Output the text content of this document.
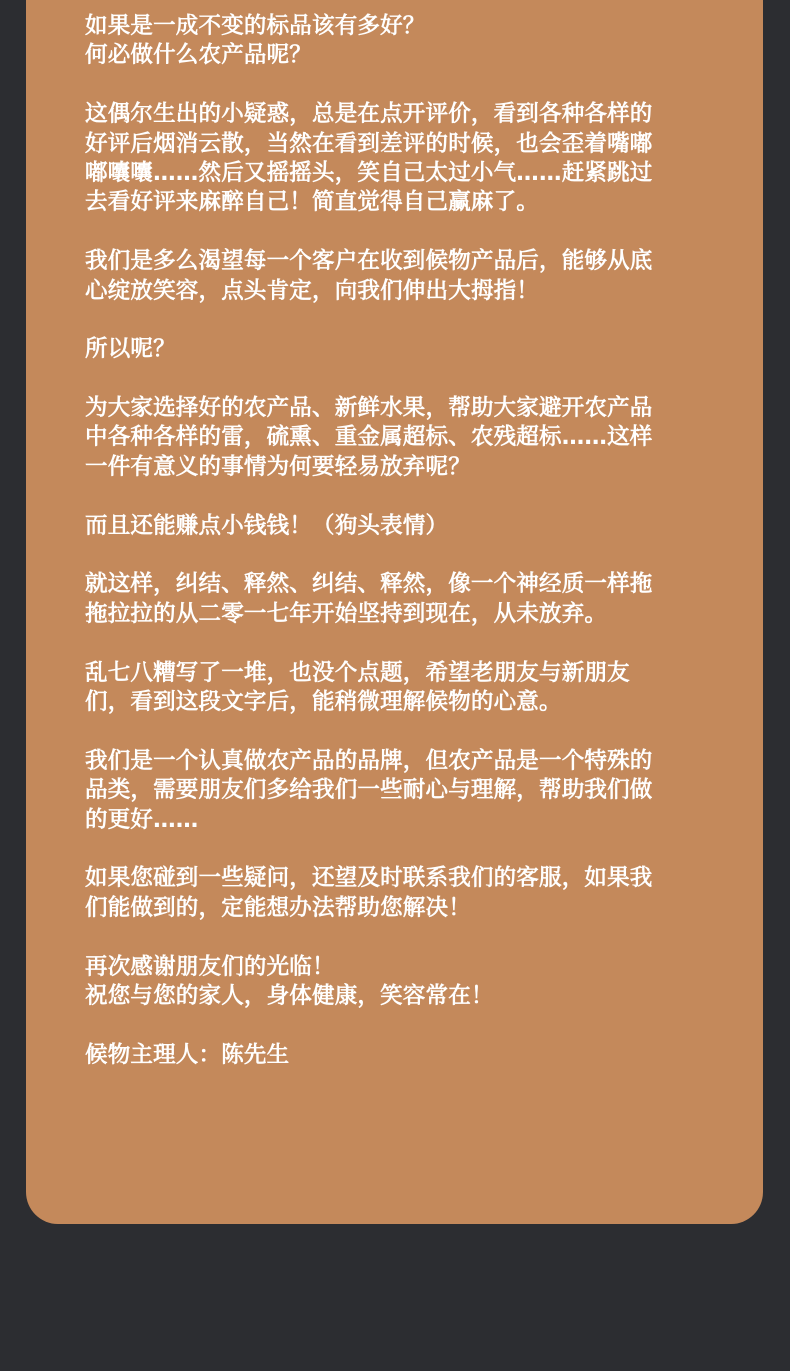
如果是一成不变的标品该有多好？
何必做什么农产品呢？
这偶尔生出的小疑惑，总是在点开评价，看到各种各样的
好评后烟消云散，当然在看到差评的时候，也会歪着嘴嘟
嘟囔囔……然后又摇摇头，笑自己太过小气……赶紧跳过
去看好评来麻醉自己！简直觉得自己赢麻了。
我们是多么渴望每一个客户在收到候物产品后，能够从底
心绽放笑容，点头肯定，向我们伸出大拇指！
所以呢？
为大家选择好的农产品、新鲜水果，帮助大家避开农产品
中各种各样的雷，硫熏、重金属超标、农残超标……这样
一件有意义的事情为何要轻易放弃呢？
而且还能赚点小钱钱！（狗头表情）
就这样，纠结、释然、纠结、释然，像一个神经质一样拖
拖拉拉的从二零一七年开始坚持到现在，从未放弃。
乱七八糟写了一堆，也没个点题，希望老朋友与新朋友
们，看到这段文字后，能稍微理解候物的心意。
我们是一个认真做农产品的品牌，但农产品是一个特殊的
品类，需要朋友们多给我们一些耐心与理解，帮助我们做
的更好……
如果您碰到一些疑问，还望及时联系我们的客服，如果我
们能做到的，定能想办法帮助您解决！
再次感谢朋友们的光临！
祝您与您的家人，身体健康，笑容常在！
候物主理人：陈先生
